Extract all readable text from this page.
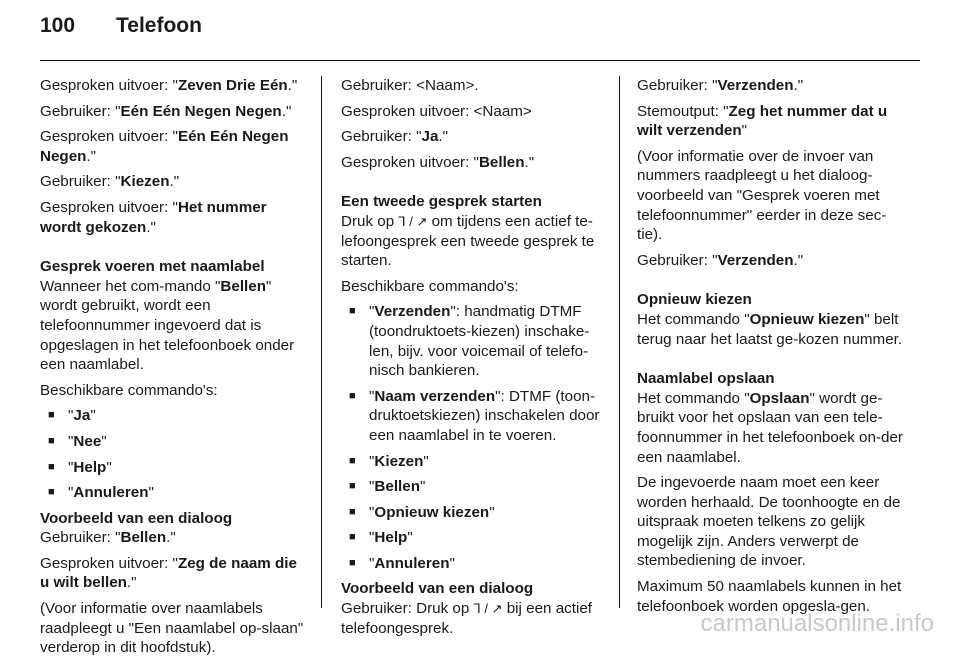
100 Telefoon

Gesproken uitvoer: "Zeven Drie Eén."

Gebruiker: "Eén Eén Negen Negen."

Gesproken uitvoer: "Eén Eén Negen Negen."

Gebruiker: "Kiezen."

Gesproken uitvoer: "Het nummer wordt gekozen."

Gesprek voeren met naamlabel

Wanneer het com-mando "Bellen" wordt gebruikt, wordt een telefoonnummer ingevoerd dat is opgeslagen in het telefoonboek onder een naamlabel.

Beschikbare commando's:

■ "Ja"

■ "Nee"

■ "Help"

■ "Annuleren"

Voorbeeld van een dialoog

Gebruiker: "Bellen."

Gesproken uitvoer: "Zeg de naam die u wilt bellen."

(Voor informatie over naamlabels raadpleegt u "Een naamlabel op-slaan" verderop in dit hoofdstuk).

Gebruiker: <Naam>.

Gesproken uitvoer: <Naam>

Gebruiker: "Ja."

Gesproken uitvoer: "Bellen."

Een tweede gesprek starten

Druk op ⅂ / ↗ om tijdens een actief te-lefoongesprek een tweede gesprek te starten.

Beschikbare commando's:

■ "Verzenden": handmatig DTMF (toondruktoets-kiezen) inschake-len, bijv. voor voicemail of telefo-nisch bankieren.

■ "Naam verzenden": DTMF (toon-druktoetskiezen) inschakelen door een naamlabel in te voeren.

■ "Kiezen"

■ "Bellen"

■ "Opnieuw kiezen"

■ "Help"

■ "Annuleren"

Voorbeeld van een dialoog

Gebruiker: Druk op ⅂ / ↗ bij een actief telefoongesprek.

Gebruiker: "Verzenden."

Stemoutput: "Zeg het nummer dat u wilt verzenden"

(Voor informatie over de invoer van nummers raadpleegt u het dialoog-voorbeeld van "Gesprek voeren met telefoonnummer" eerder in deze sec-tie).

Gebruiker: "Verzenden."

Opnieuw kiezen

Het commando "Opnieuw kiezen" belt terug naar het laatst ge-kozen nummer.

Naamlabel opslaan

Het commando "Opslaan" wordt ge-bruikt voor het opslaan van een tele-foonnummer in het telefoonboek on-der een naamlabel.

De ingevoerde naam moet een keer worden herhaald. De toonhoogte en de uitspraak moeten telkens zo gelijk mogelijk zijn. Anders verwerpt de stembediening de invoer.

Maximum 50 naamlabels kunnen in het telefoonboek worden opgesla-gen.

carmanualsonline.info
